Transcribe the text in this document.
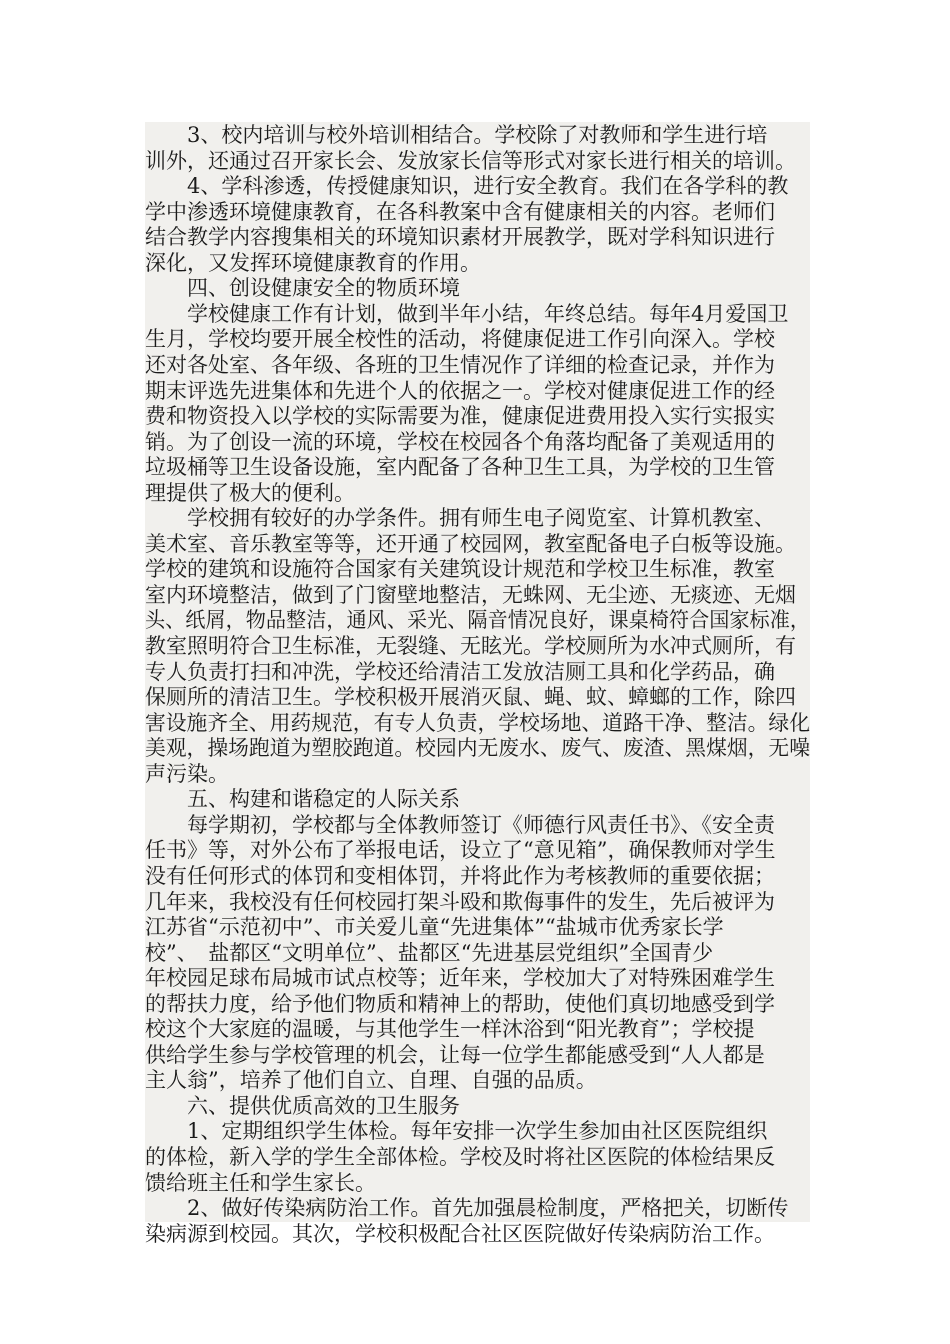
　　3、校内培训与校外培训相结合。学校除了对教师和学生进行培
训外，还通过召开家长会、发放家长信等形式对家长进行相关的培训。
　　4、学科渗透，传授健康知识，进行安全教育。我们在各学科的教
学中渗透环境健康教育，在各科教案中含有健康相关的内容。老师们
结合教学内容搜集相关的环境知识素材开展教学，既对学科知识进行
深化，又发挥环境健康教育的作用。
　　四、创设健康安全的物质环境
　　学校健康工作有计划，做到半年小结，年终总结。每年4月爱国卫
生月，学校均要开展全校性的活动，将健康促进工作引向深入。学校
还对各处室、各年级、各班的卫生情况作了详细的检查记录，并作为
期末评选先进集体和先进个人的依据之一。学校对健康促进工作的经
费和物资投入以学校的实际需要为准，健康促进费用投入实行实报实
销。为了创设一流的环境，学校在校园各个角落均配备了美观适用的
垃圾桶等卫生设备设施，室内配备了各种卫生工具，为学校的卫生管
理提供了极大的便利。
　　学校拥有较好的办学条件。拥有师生电子阅览室、计算机教室、
美术室、音乐教室等等，还开通了校园网，教室配备电子白板等设施。
学校的建筑和设施符合国家有关建筑设计规范和学校卫生标准，教室
室内环境整洁，做到了门窗壁地整洁，无蛛网、无尘迹、无痰迹、无烟
头、纸屑，物品整洁，通风、采光、隔音情况良好，课桌椅符合国家标准，
教室照明符合卫生标准，无裂缝、无眩光。学校厕所为水冲式厕所，有
专人负责打扫和冲洗，学校还给清洁工发放洁厕工具和化学药品，确
保厕所的清洁卫生。学校积极开展消灭鼠、蝇、蚊、蟑螂的工作，除四
害设施齐全、用药规范，有专人负责，学校场地、道路干净、整洁。绿化
美观，操场跑道为塑胶跑道。校园内无废水、废气、废渣、黑煤烟，无噪
声污染。
　　五、构建和谐稳定的人际关系
　　每学期初，学校都与全体教师签订《师德行风责任书》、《安全责
任书》等，对外公布了举报电话，设立了“意见箱”，确保教师对学生
没有任何形式的体罚和变相体罚，并将此作为考核教师的重要依据；
几年来，我校没有任何校园打架斗殴和欺侮事件的发生，先后被评为
江苏省“示范初中”、市关爱儿童“先进集体”“盐城市优秀家长学
校”、　盐都区“文明单位”、盐都区“先进基层党组织”全国青少
年校园足球布局城市试点校等；近年来，学校加大了对特殊困难学生
的帮扶力度，给予他们物质和精神上的帮助，使他们真切地感受到学
校这个大家庭的温暖，与其他学生一样沐浴到“阳光教育”；学校提
供给学生参与学校管理的机会，让每一位学生都能感受到“人人都是
主人翁”，培养了他们自立、自理、自强的品质。
　　六、提供优质高效的卫生服务
　　1、定期组织学生体检。每年安排一次学生参加由社区医院组织
的体检，新入学的学生全部体检。学校及时将社区医院的体检结果反
馈给班主任和学生家长。
　　2、做好传染病防治工作。首先加强晨检制度，严格把关，切断传
染病源到校园。其次，学校积极配合社区医院做好传染病防治工作。
